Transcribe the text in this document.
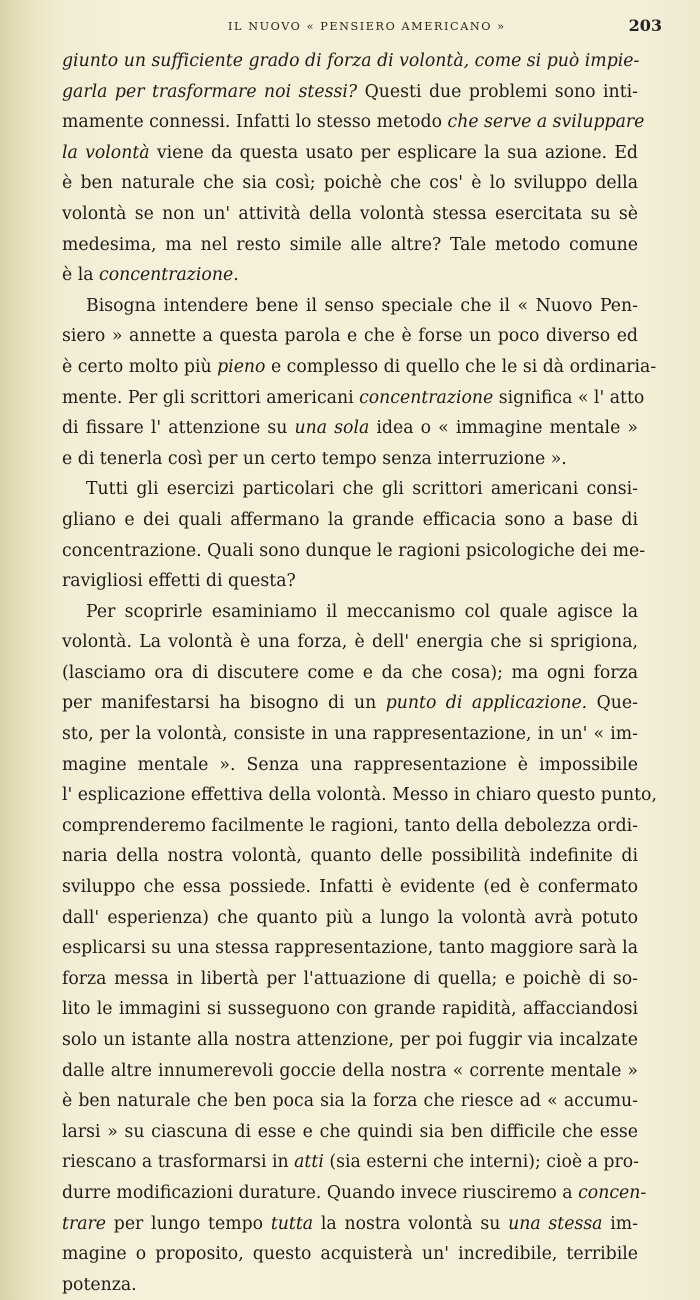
IL NUOVO « PENSIERO AMERICANO »	203
giunto un sufficiente grado di forza di volontà, come si può impie-
garla per trasformare noi stessi? Questi due problemi sono inti-
mamente connessi. Infatti lo stesso metodo che serve a sviluppare
la volontà viene da questa usato per esplicare la sua azione. Ed
è ben naturale che sia così; poichè che cos' è lo sviluppo della
volontà se non un' attività della volontà stessa esercitata su sè
medesima, ma nel resto simile alle altre? Tale metodo comune
è la concentrazione.
Bisogna intendere bene il senso speciale che il « Nuovo Pen-
siero » annette a questa parola e che è forse un poco diverso ed
è certo molto più pieno e complesso di quello che le si dà ordinaria-
mente. Per gli scrittori americani concentrazione significa « l' atto
di fissare l' attenzione su una sola idea o « immagine mentale »
e di tenerla così per un certo tempo senza interruzione ».
Tutti gli esercizi particolari che gli scrittori americani consi-
gliano e dei quali affermano la grande efficacia sono a base di
concentrazione. Quali sono dunque le ragioni psicologiche dei me-
ravigliosi effetti di questa?
Per scoprirle esaminiamo il meccanismo col quale agisce la
volontà. La volontà è una forza, è dell' energia che si sprigiona,
(lasciamo ora di discutere come e da che cosa); ma ogni forza
per manifestarsi ha bisogno di un punto di applicazione. Que-
sto, per la volontà, consiste in una rappresentazione, in un' « im-
magine mentale ». Senza una rappresentazione è impossibile
l' esplicazione effettiva della volontà. Messo in chiaro questo punto,
comprenderemo facilmente le ragioni, tanto della debolezza ordi-
naria della nostra volontà, quanto delle possibilità indefinite di
sviluppo che essa possiede. Infatti è evidente (ed è confermato
dall' esperienza) che quanto più a lungo la volontà avrà potuto
esplicarsi su una stessa rappresentazione, tanto maggiore sarà la
forza messa in libertà per l'attuazione di quella; e poichè di so-
lito le immagini si susseguono con grande rapidità, affacciandosi
solo un istante alla nostra attenzione, per poi fuggir via incalzate
dalle altre innumerevoli goccie della nostra « corrente mentale »
è ben naturale che ben poca sia la forza che riesce ad « accumu-
larsi » su ciascuna di esse e che quindi sia ben difficile che esse
riescano a trasformarsi in atti (sia esterni che interni); cioè a pro-
durre modificazioni durature. Quando invece riusciremo a concen-
trare per lungo tempo tutta la nostra volontà su una stessa im-
magine o proposito, questo acquisterà un' incredibile, terribile
potenza.
